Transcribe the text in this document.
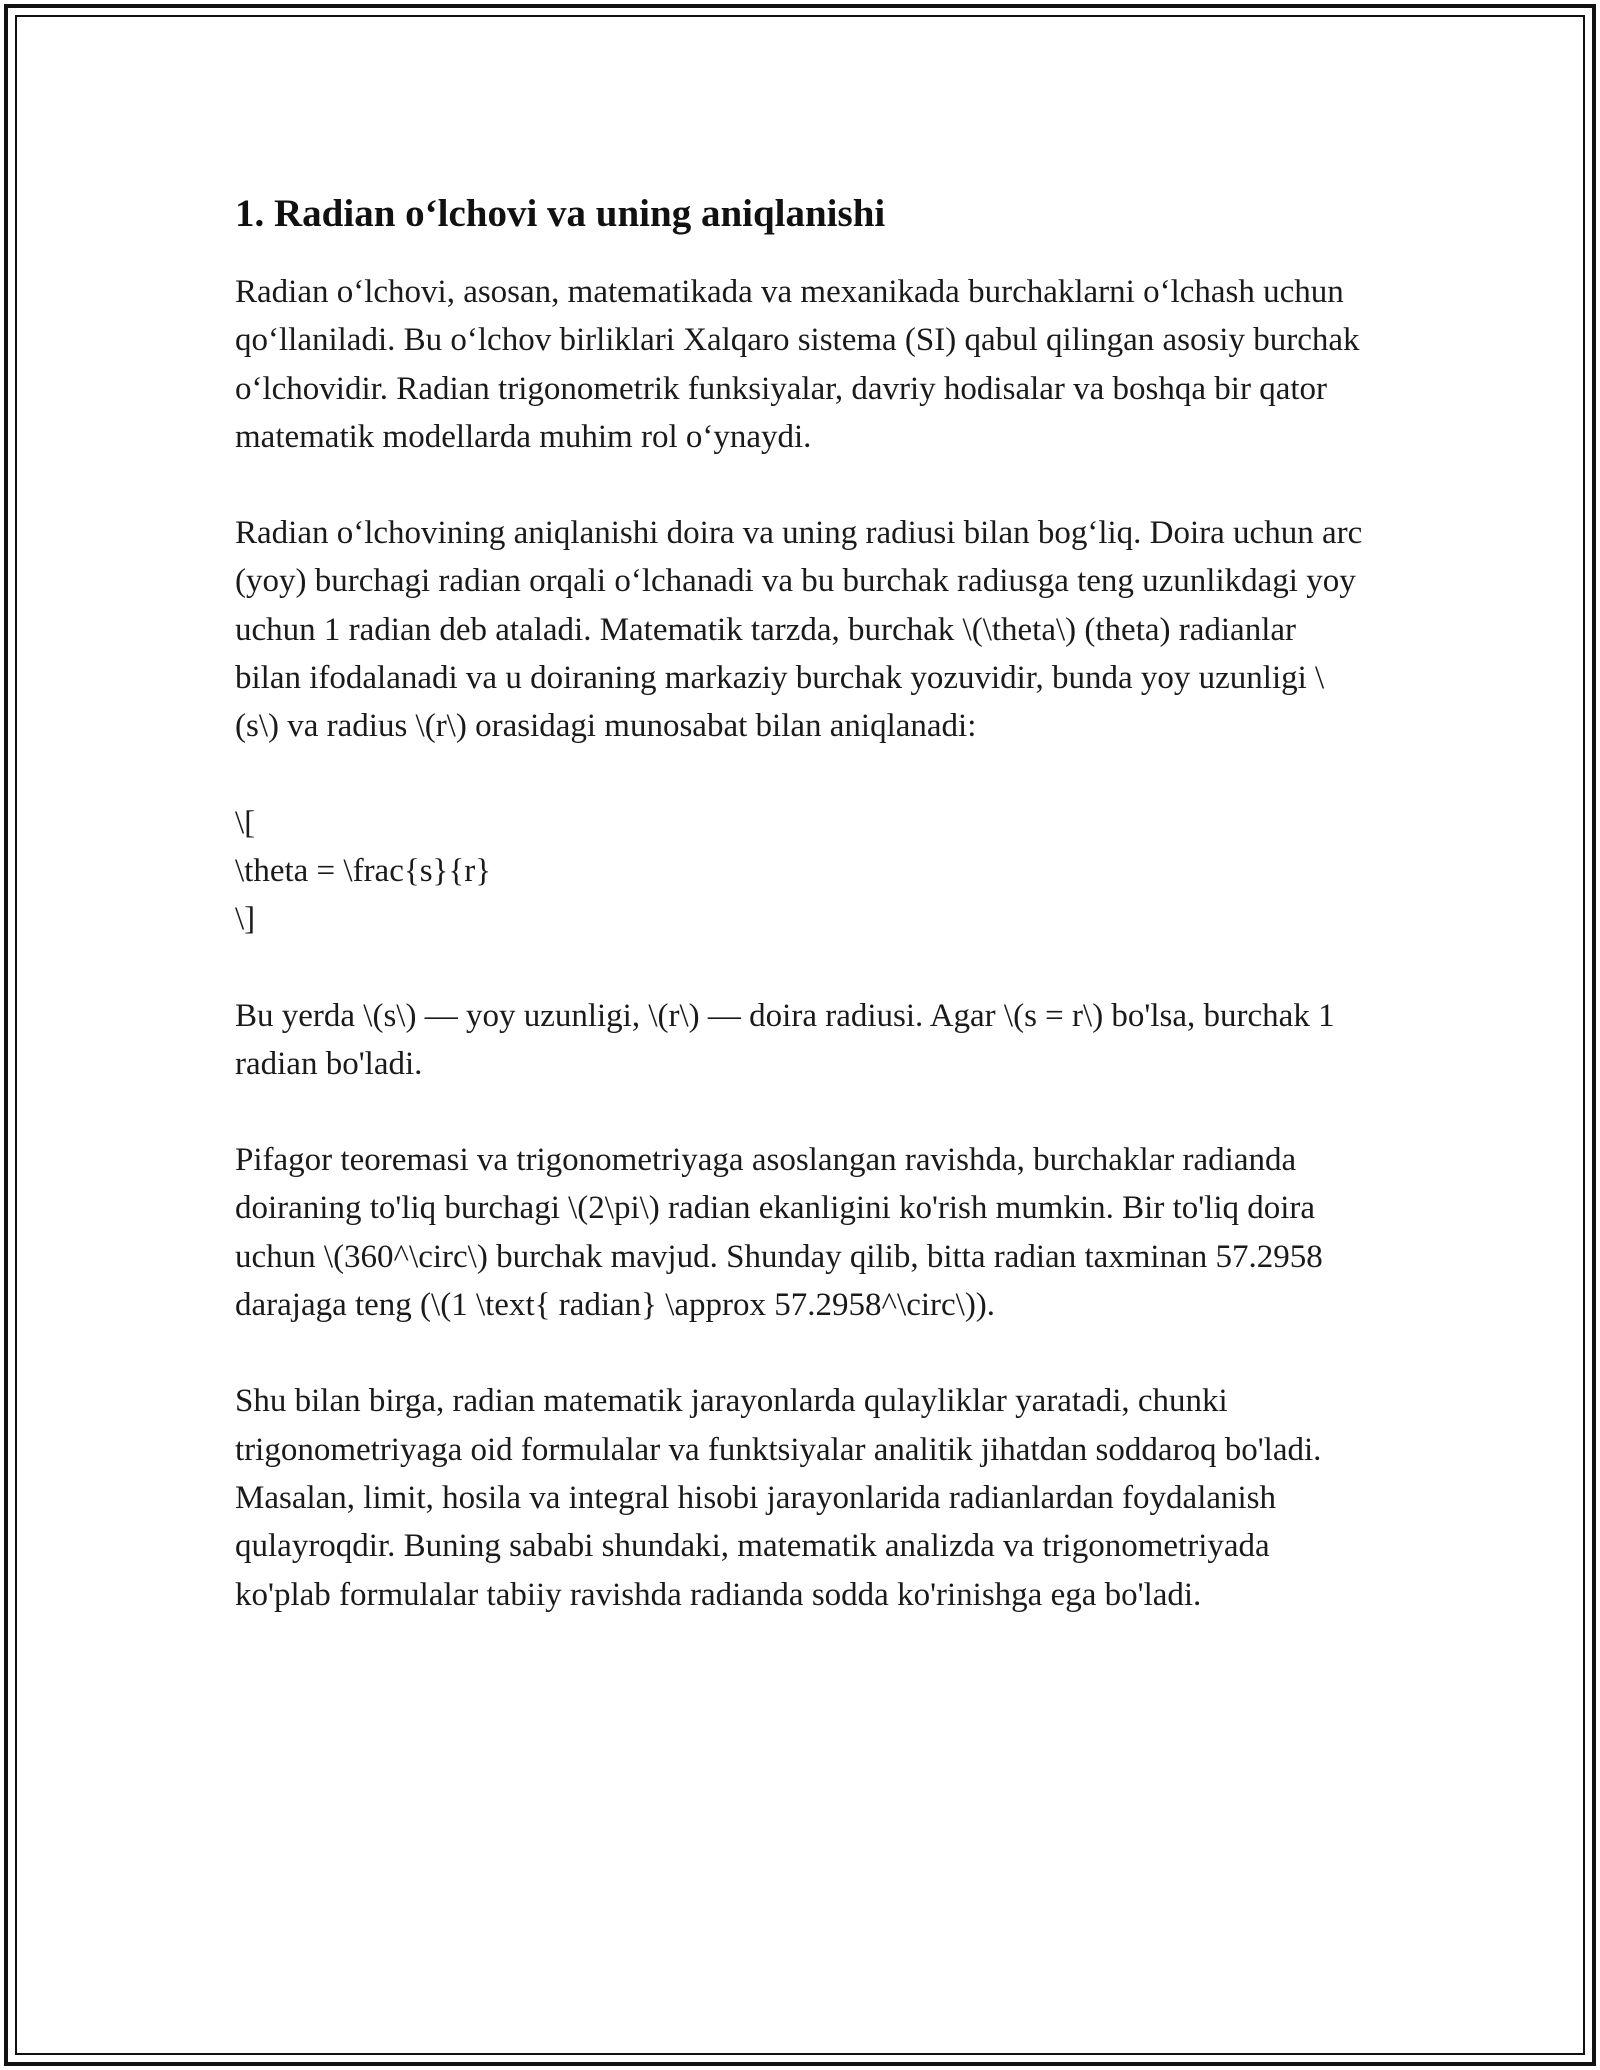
1. Radian o‘lchovi va uning aniqlanishi

Radian o‘lchovi, asosan, matematikada va mexanikada burchaklarni o‘lchash uchun qo‘llaniladi. Bu o‘lchov birliklari Xalqaro sistema (SI) qabul qilingan asosiy burchak o‘lchovidir. Radian trigonometrik funksiyalar, davriy hodisalar va boshqa bir qator matematik modellarda muhim rol o‘ynaydi.

Radian o‘lchovining aniqlanishi doira va uning radiusi bilan bog‘liq. Doira uchun arc (yoy) burchagi radian orqali o‘lchanadi va bu burchak radiusga teng uzunlikdagi yoy uchun 1 radian deb ataladi. Matematik tarzda, burchak \(\theta\) (theta) radianlar bilan ifodalanadi va u doiraning markaziy burchak yozuvidir, bunda yoy uzunligi \(s\) va radius \(r\) orasidagi munosabat bilan aniqlanadi:

\[
\theta = \frac{s}{r}
\]

Bu yerda \(s\) — yoy uzunligi, \(r\) — doira radiusi. Agar \(s = r\) bo'lsa, burchak 1 radian bo'ladi.

Pifagor teoremasi va trigonometriyaga asoslangan ravishda, burchaklar radianda doiraning to'liq burchagi \(2\pi\) radian ekanligini ko'rish mumkin. Bir to'liq doira uchun \(360^\circ\) burchak mavjud. Shunday qilib, bitta radian taxminan 57.2958 darajaga teng (\(1 \text{ radian} \approx 57.2958^\circ\)).

Shu bilan birga, radian matematik jarayonlarda qulayliklar yaratadi, chunki trigonometriyaga oid formulalar va funktsiyalar analitik jihatdan soddaroq bo'ladi. Masalan, limit, hosila va integral hisobi jarayonlarida radianlardan foydalanish qulayroqdir. Buning sababi shundaki, matematik analizda va trigonometriyada ko'plab formulalar tabiiy ravishda radianda sodda ko'rinishga ega bo'ladi.
